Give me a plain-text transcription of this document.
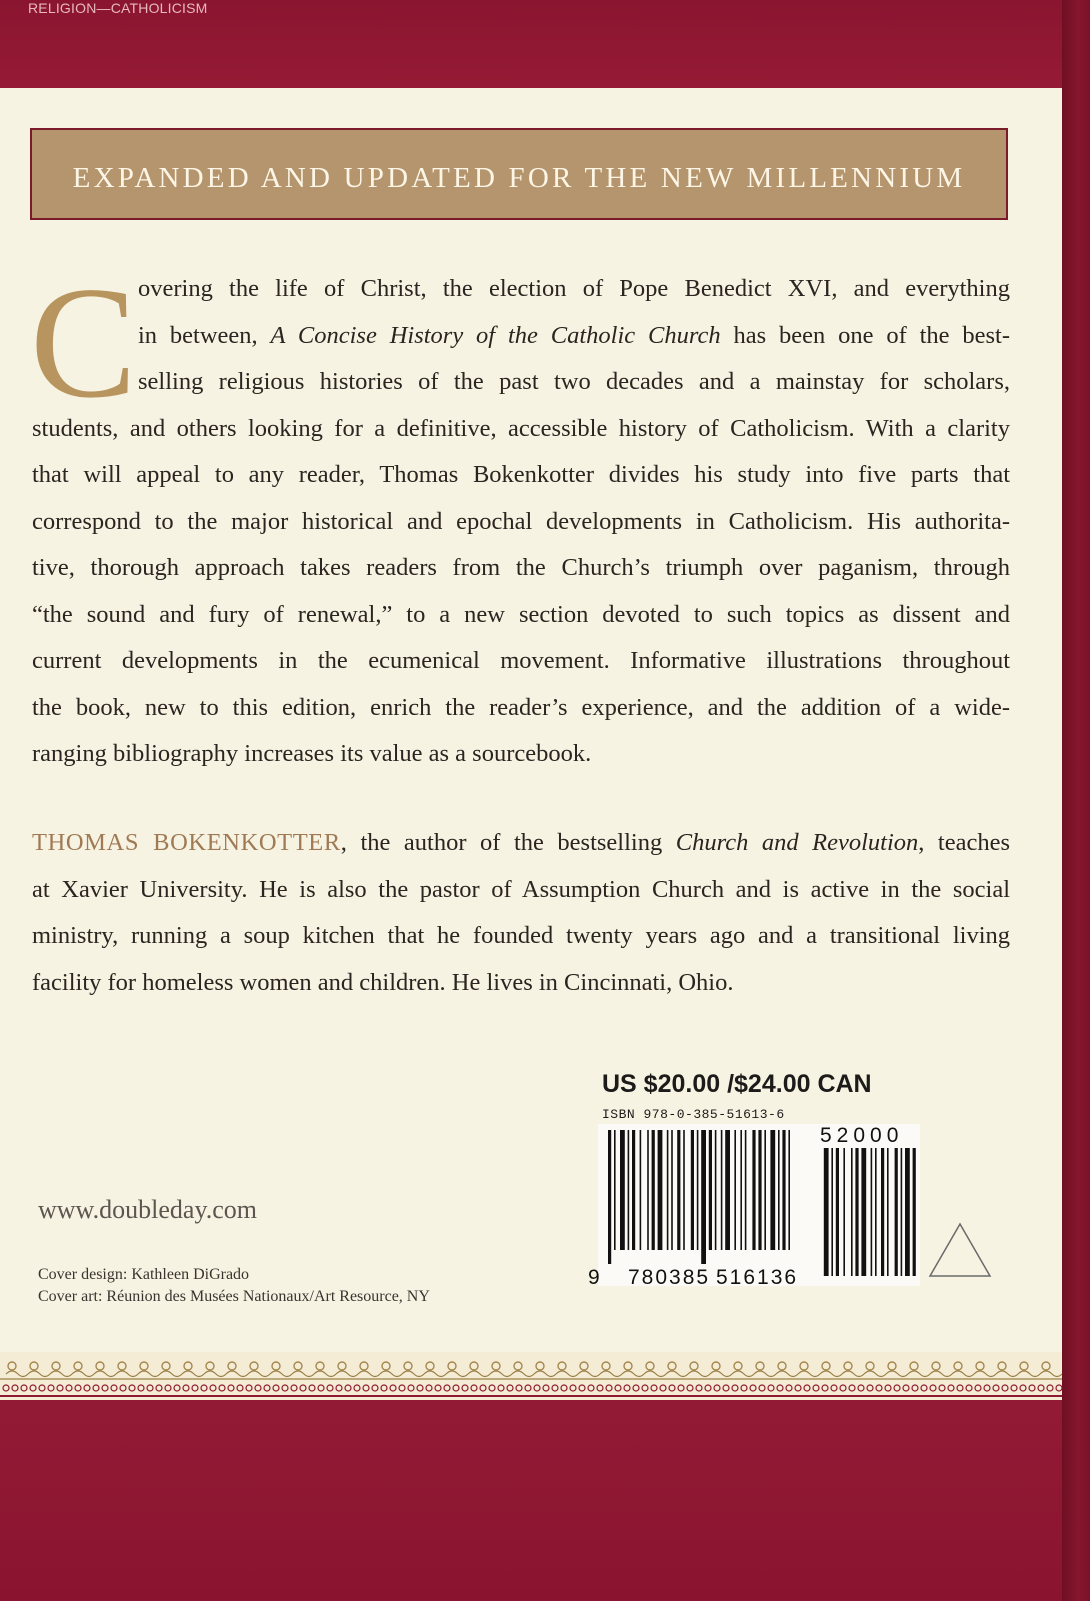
RELIGION—CATHOLICISM
EXPANDED AND UPDATED FOR THE NEW MILLENNIUM
C overing the life of Christ, the election of Pope Benedict XVI, and everything
in between, A Concise History of the Catholic Church has been one of the best-
selling religious histories of the past two decades and a mainstay for scholars,
students, and others looking for a definitive, accessible history of Catholicism. With a clarity
that will appeal to any reader, Thomas Bokenkotter divides his study into five parts that
correspond to the major historical and epochal developments in Catholicism. His authorita-
tive, thorough approach takes readers from the Church’s triumph over paganism, through
“the sound and fury of renewal,” to a new section devoted to such topics as dissent and
current developments in the ecumenical movement. Informative illustrations throughout
the book, new to this edition, enrich the reader’s experience, and the addition of a wide-
ranging bibliography increases its value as a sourcebook.
THOMAS BOKENKOTTER, the author of the bestselling Church and Revolution, teaches
at Xavier University. He is also the pastor of Assumption Church and is active in the social
ministry, running a soup kitchen that he founded twenty years ago and a transitional living
facility for homeless women and children. He lives in Cincinnati, Ohio.
US $20.00 /$24.00 CAN
ISBN 978-0-385-51613-6
9 780385 516136
52000
www.doubleday.com
Cover design: Kathleen DiGrado
Cover art: Réunion des Musées Nationaux/Art Resource, NY
